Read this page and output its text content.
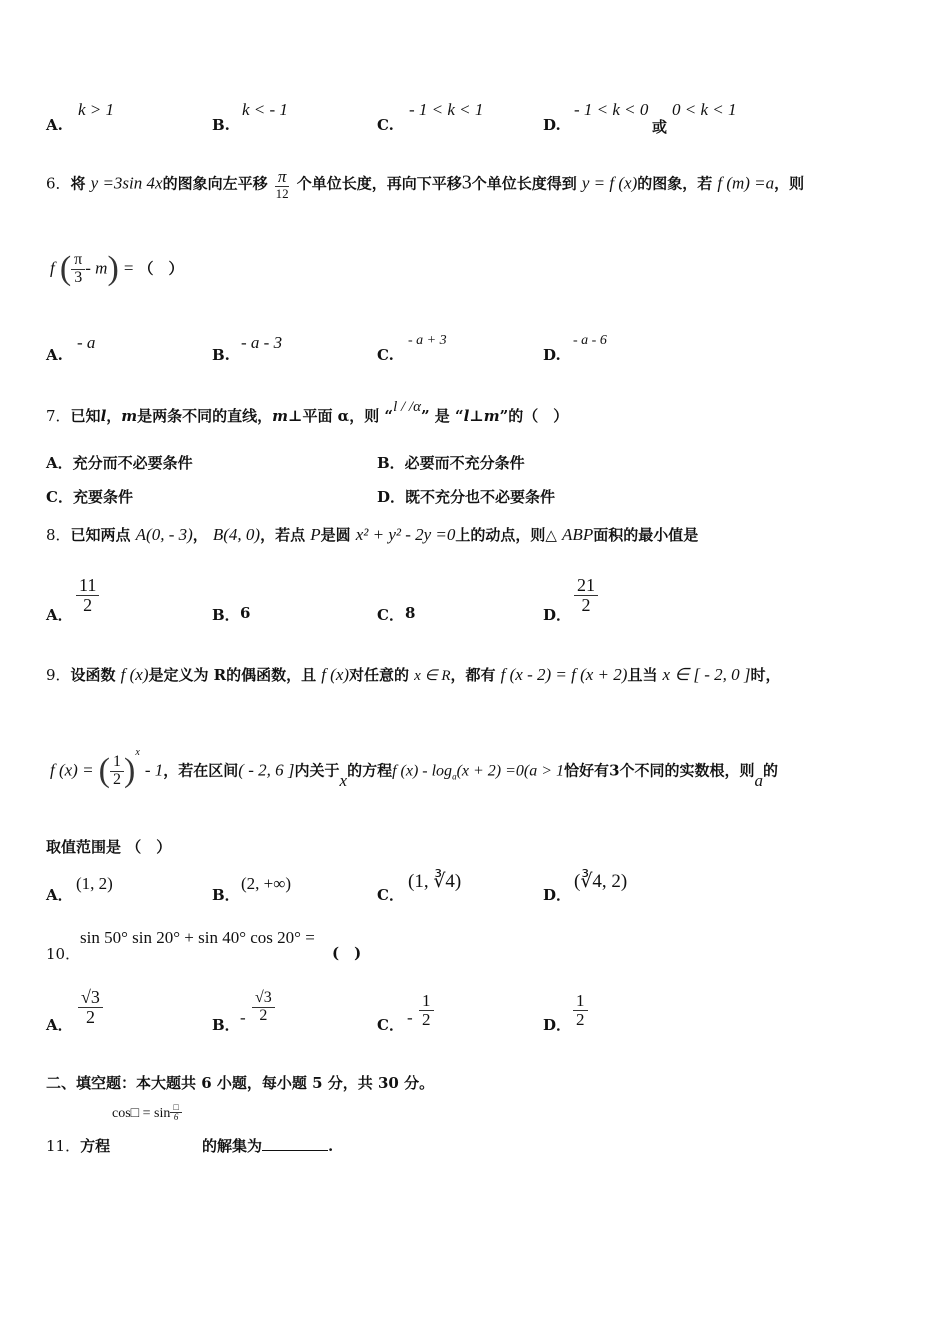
A.
k > 1
B.
k < - 1
C.
- 1 < k < 1
D.
- 1 < k < 0
或
0 < k < 1
6．将 y =3sin 4x的图象向左平移 $\frac{\pi}{12}$ 个单位长度，再向下平移3个单位长度得到 y = f (x)的图象，若 f (m) =a，则
f ( $\frac{\pi}{3} - m$) = （　）
A.
- a
B.
- a - 3
C.
- a + 3
D.
- a - 6
7．已知l，m是两条不同的直线，m⊥平面 α，则 “l / /α” 是 “l⊥m”的（　）
A．充分而不必要条件	B．必要而不充分条件
C．充要条件	D．既不充分也不必要条件
8．已知两点 A(0, - 3)， B(4, 0)，若点 P是圆 x² + y² - 2y =0上的动点，则△ ABP面积的最小值是
A．
$\frac{11}{2}$
B． 6	C． 8	D．
$\frac{21}{2}$
9．设函数 f (x)是定义为 R的偶函数，且 f (x)对任意的 x ∈ R，都有 f (x - 2) = f (x + 2)且当 x ∈ [ - 2, 0 ]时，
f (x) = ( $\frac{1}{2} )^x - 1$，若在区间( - 2, 6 ]内关于x的方程f $(x) - \log_a(x + 2) =0(a > 1$恰好有3个不同的实数根，则a的
取值范围是 （　）
A．
(1, 2)
B．
(2, +∞)
C．
(1, ∛4)
D．
(∛4, 2)
10．
sin 50° sin 20° + sin 40° cos 20° =
(　)
A． $\frac{√3}{2}$	B． - $\frac{√3}{2}$
C． - $\frac{1}{2}$	D． $\frac{1}{2}$
二、填空题：本大题共 6 小题，每小题 5 分，共 30 分。
cos□ = $\sin \frac{□}{6}$
11．方程	的解集为	.
